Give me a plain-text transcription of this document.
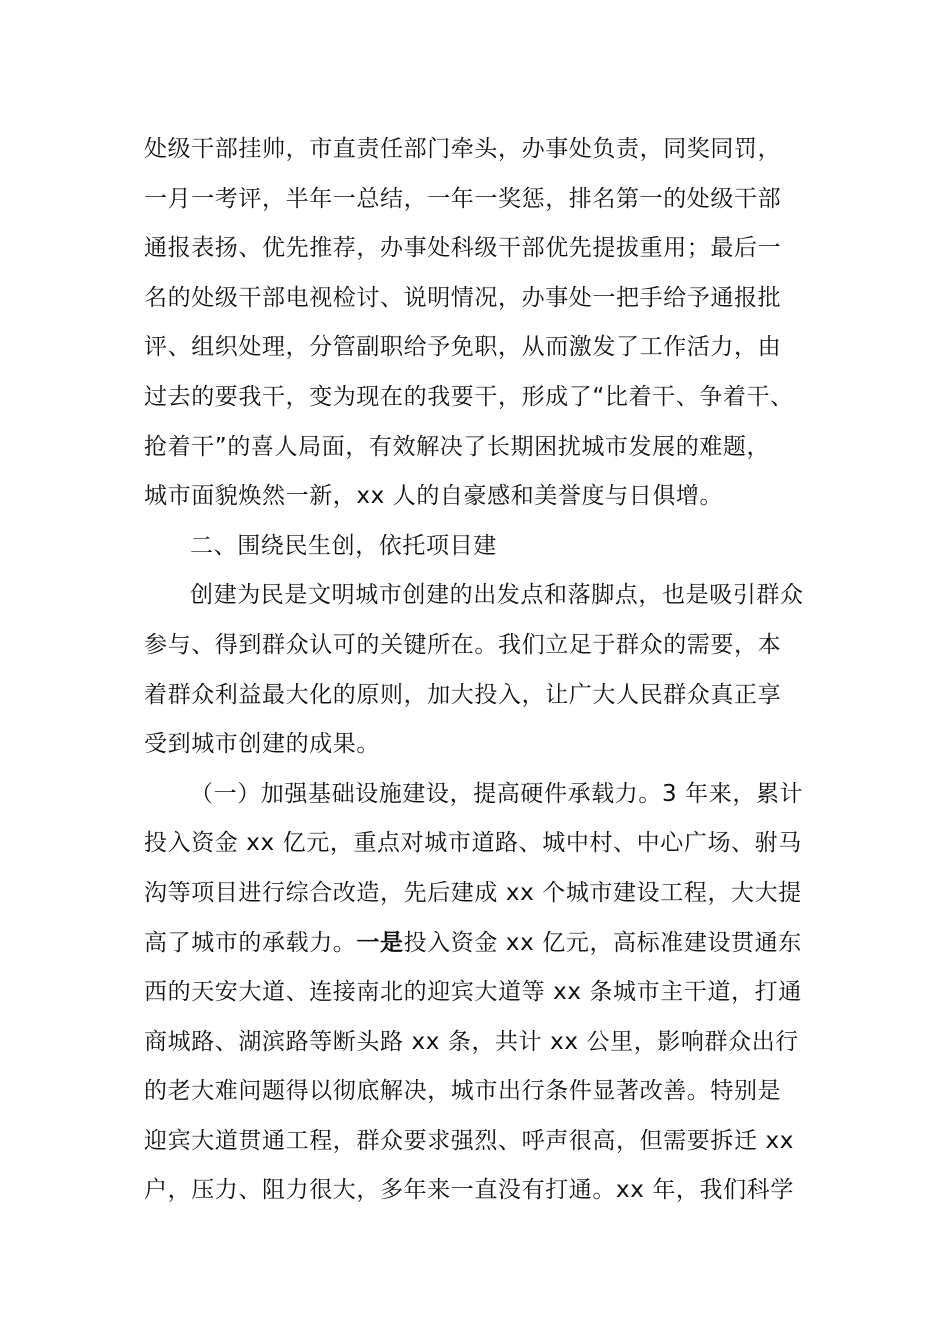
处级干部挂帅，市直责任部门牵头，办事处负责，同奖同罚，
一月一考评，半年一总结，一年一奖惩，排名第一的处级干部
通报表扬、优先推荐，办事处科级干部优先提拔重用；最后一
名的处级干部电视检讨、说明情况，办事处一把手给予通报批
评、组织处理，分管副职给予免职，从而激发了工作活力，由
过去的要我干，变为现在的我要干，形成了“比着干、争着干、
抢着干”的喜人局面，有效解决了长期困扰城市发展的难题，
城市面貌焕然一新，xx 人的自豪感和美誉度与日俱增。
二、围绕民生创，依托项目建
创建为民是文明城市创建的出发点和落脚点，也是吸引群众
参与、得到群众认可的关键所在。我们立足于群众的需要，本
着群众利益最大化的原则，加大投入，让广大人民群众真正享
受到城市创建的成果。
（一）加强基础设施建设，提高硬件承载力。3 年来，累计
投入资金 xx 亿元，重点对城市道路、城中村、中心广场、驸马
沟等项目进行综合改造，先后建成 xx 个城市建设工程，大大提
高了城市的承载力。一是投入资金 xx 亿元，高标准建设贯通东
西的天安大道、连接南北的迎宾大道等 xx 条城市主干道，打通
商城路、湖滨路等断头路 xx 条，共计 xx 公里，影响群众出行
的老大难问题得以彻底解决，城市出行条件显著改善。特别是
迎宾大道贯通工程，群众要求强烈、呼声很高，但需要拆迁 xx
户，压力、阻力很大，多年来一直没有打通。xx 年，我们科学
